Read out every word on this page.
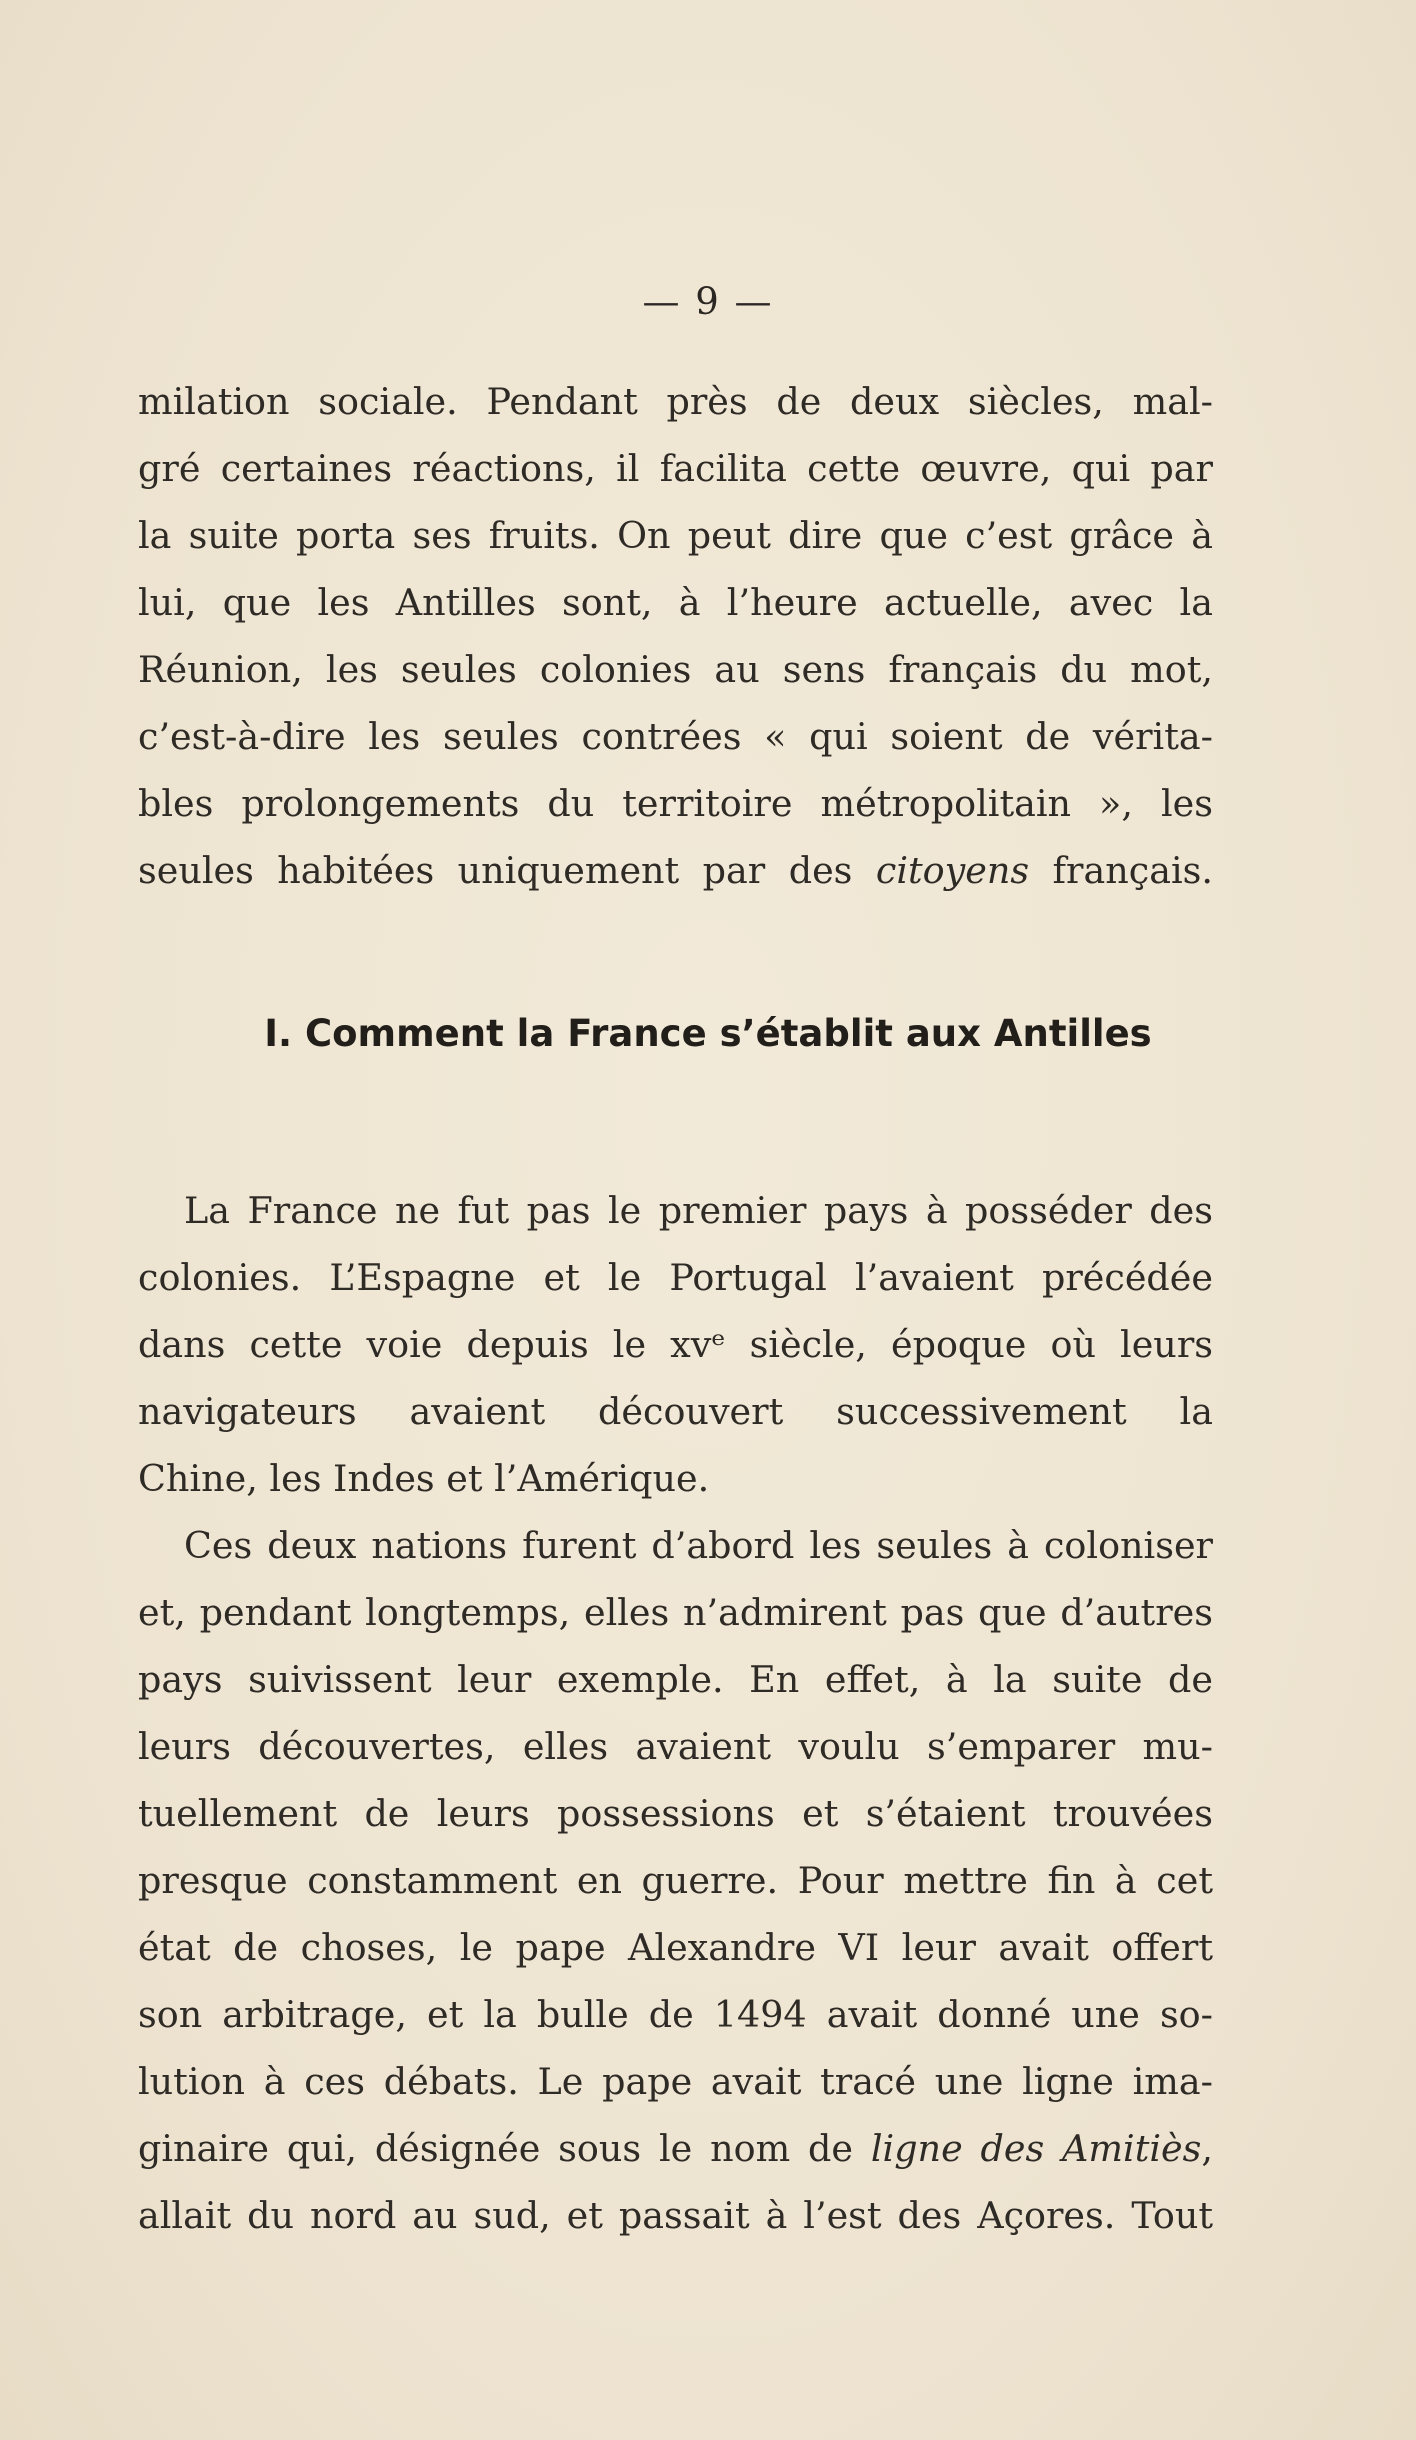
— 9 —
milation sociale. Pendant près de deux siècles, mal-
gré certaines réactions, il facilita cette œuvre, qui par
la suite porta ses fruits. On peut dire que c’est grâce à
lui, que les Antilles sont, à l’heure actuelle, avec la
Réunion, les seules colonies au sens français du mot,
c’est-à-dire les seules contrées « qui soient de vérita-
bles prolongements du territoire métropolitain », les
seules habitées uniquement par des citoyens français.
I. Comment la France s’établit aux Antilles
La France ne fut pas le premier pays à posséder des
colonies. L’Espagne et le Portugal l’avaient précédée
dans cette voie depuis le xvᵉ siècle, époque où leurs
navigateurs avaient découvert successivement la
Chine, les Indes et l’Amérique.
Ces deux nations furent d’abord les seules à coloniser
et, pendant longtemps, elles n’admirent pas que d’autres
pays suivissent leur exemple. En effet, à la suite de
leurs découvertes, elles avaient voulu s’emparer mu-
tuellement de leurs possessions et s’étaient trouvées
presque constamment en guerre. Pour mettre fin à cet
état de choses, le pape Alexandre VI leur avait offert
son arbitrage, et la bulle de 1494 avait donné une so-
lution à ces débats. Le pape avait tracé une ligne ima-
ginaire qui, désignée sous le nom de ligne des Amitiès,
allait du nord au sud, et passait à l’est des Açores. Tout
